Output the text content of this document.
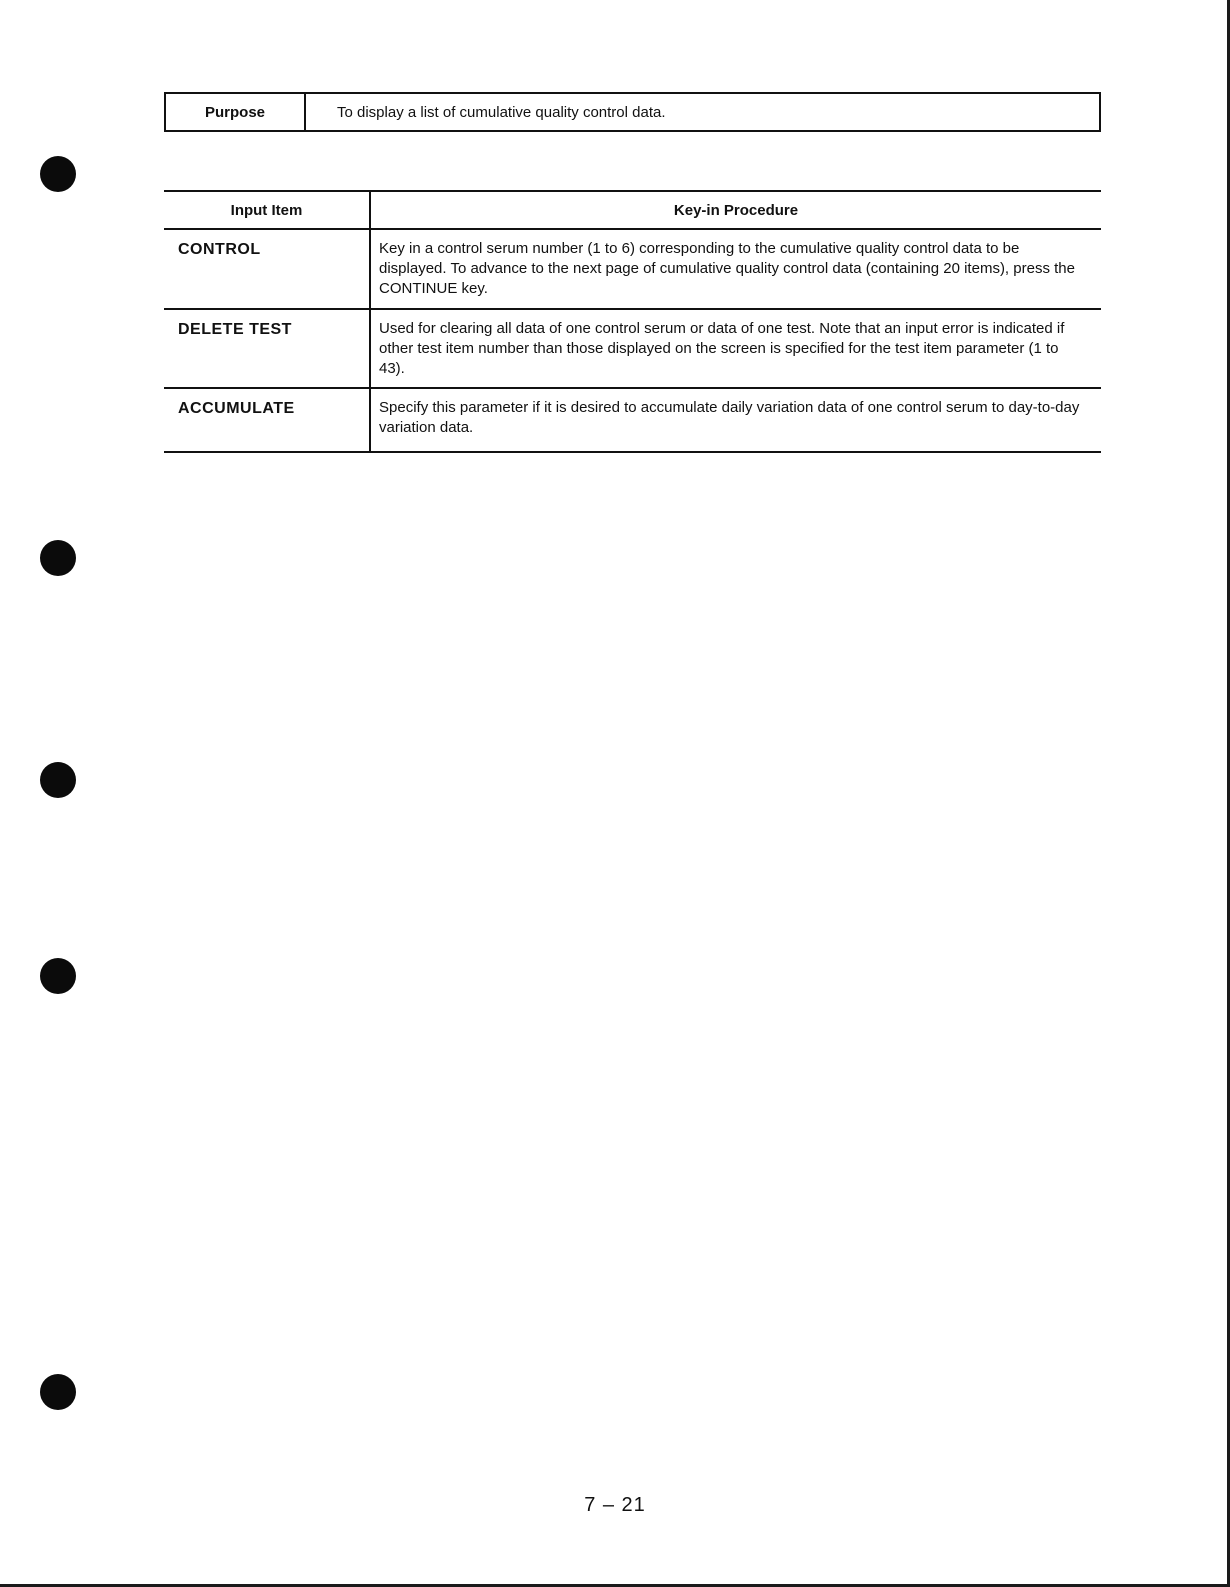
Purpose	To display a list of cumulative quality control data.
Input Item	Key-in Procedure
CONTROL	Key in a control serum number (1 to 6) corresponding to the cumulative quality control data to be displayed. To advance to the next page of cumulative quality control data (containing 20 items), press the CONTINUE key.
DELETE TEST	Used for clearing all data of one control serum or data of one test. Note that an input error is indicated if other test item number than those displayed on the screen is specified for the test item parameter (1 to 43).
ACCUMULATE	Specify this parameter if it is desired to accumulate daily variation data of one control serum to day-to-day variation data.
7 – 21
